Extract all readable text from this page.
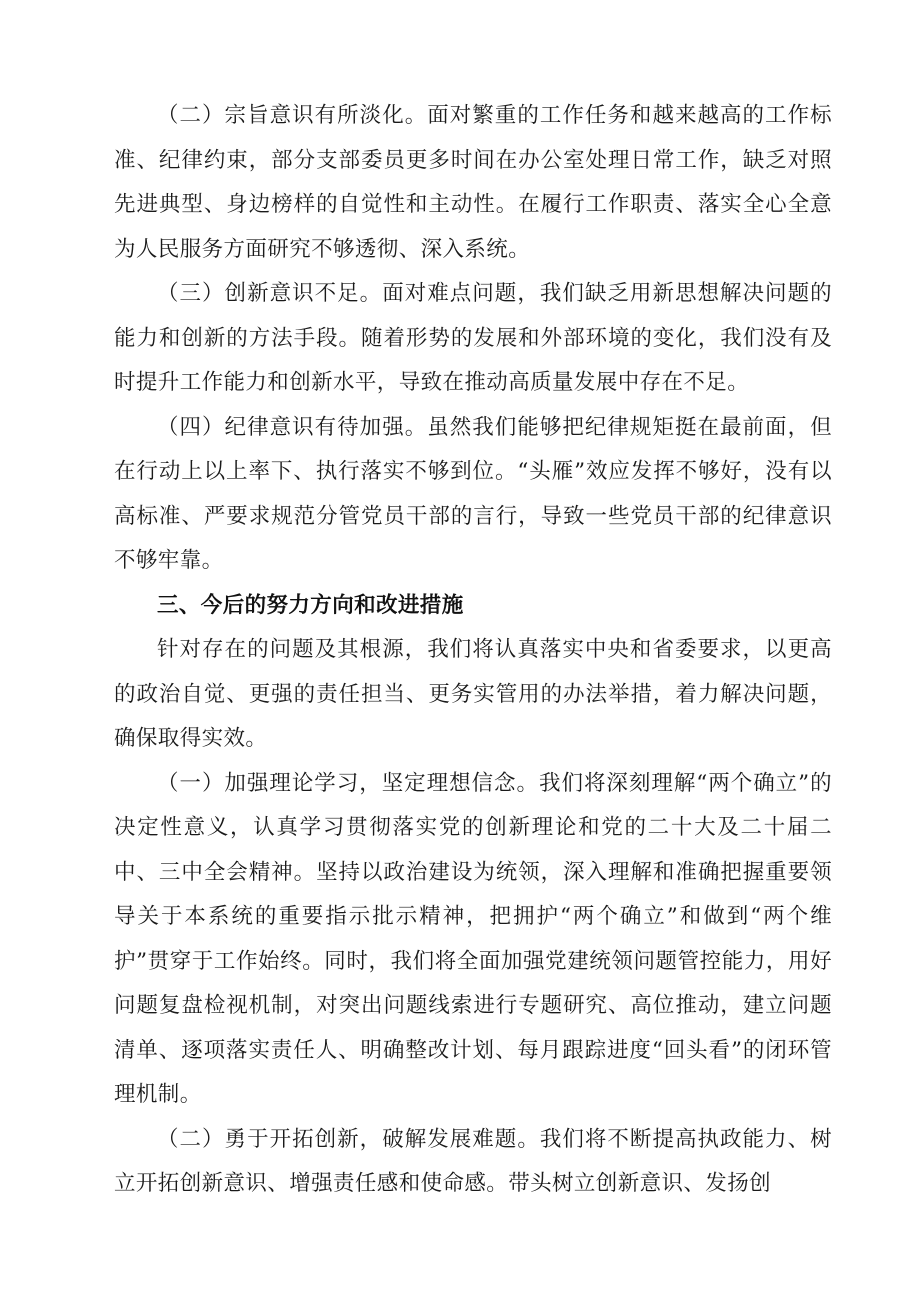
（二）宗旨意识有所淡化。面对繁重的工作任务和越来越高的工作标准、纪律约束，部分支部委员更多时间在办公室处理日常工作，缺乏对照先进典型、身边榜样的自觉性和主动性。在履行工作职责、落实全心全意为人民服务方面研究不够透彻、深入系统。

（三）创新意识不足。面对难点问题，我们缺乏用新思想解决问题的能力和创新的方法手段。随着形势的发展和外部环境的变化，我们没有及时提升工作能力和创新水平，导致在推动高质量发展中存在不足。

（四）纪律意识有待加强。虽然我们能够把纪律规矩挺在最前面，但在行动上以上率下、执行落实不够到位。“头雁”效应发挥不够好，没有以高标准、严要求规范分管党员干部的言行，导致一些党员干部的纪律意识不够牢靠。

三、今后的努力方向和改进措施

针对存在的问题及其根源，我们将认真落实中央和省委要求，以更高的政治自觉、更强的责任担当、更务实管用的办法举措，着力解决问题，确保取得实效。

（一）加强理论学习，坚定理想信念。我们将深刻理解“两个确立”的决定性意义，认真学习贯彻落实党的创新理论和党的二十大及二十届二中、三中全会精神。坚持以政治建设为统领，深入理解和准确把握重要领导关于本系统的重要指示批示精神，把拥护“两个确立”和做到“两个维护”贯穿于工作始终。同时，我们将全面加强党建统领问题管控能力，用好问题复盘检视机制，对突出问题线索进行专题研究、高位推动，建立问题清单、逐项落实责任人、明确整改计划、每月跟踪进度“回头看”的闭环管理机制。

（二）勇于开拓创新，破解发展难题。我们将不断提高执政能力、树立开拓创新意识、增强责任感和使命感。带头树立创新意识、发扬创
